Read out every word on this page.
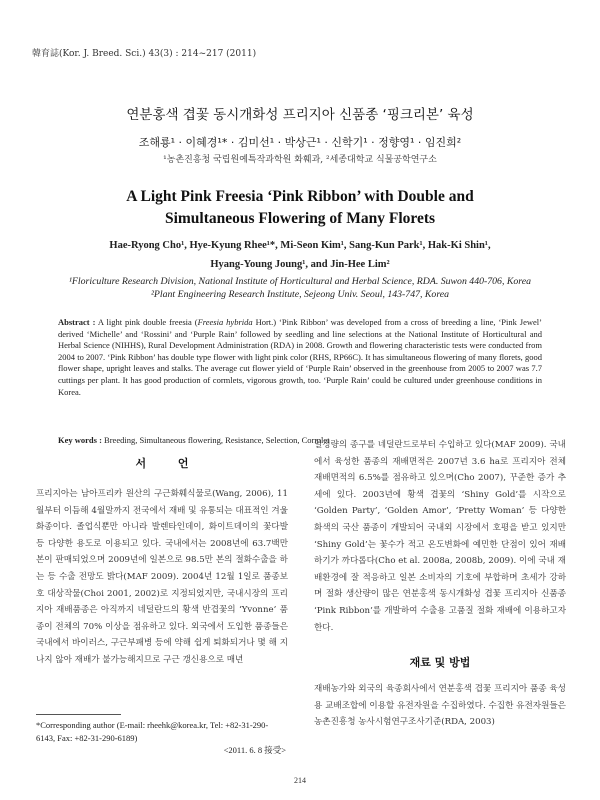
韓育誌(Kor. J. Breed. Sci.) 43(3) : 214~217 (2011)
연분홍색 겹꽃 동시개화성 프리지아 신품종 ‘핑크리본’ 육성
조해룡¹ · 이혜경¹* · 김미선¹ · 박상근¹ · 신학기¹ · 정향영¹ · 임진희²
¹농촌진흥청 국립원예특작과학원 화훼과, ²세종대학교 식물공학연구소
A Light Pink Freesia ‘Pink Ribbon’ with Double and
Simultaneous Flowering of Many Florets
Hae-Ryong Cho¹, Hye-Kyung Rhee¹*, Mi-Seon Kim¹, Sang-Kun Park¹, Hak-Ki Shin¹,
Hyang-Young Joung¹, and Jin-Hee Lim²
¹Floriculture Research Division, National Institute of Horticultural and Herbal Science, RDA. Suwon 440-706, Korea
²Plant Engineering Research Institute, Sejeong Univ. Seoul, 143-747, Korea
Abstract : A light pink double freesia (Freesia hybrida Hort.) ‘Pink Ribbon’ was developed from a cross of breeding a line, ‘Pink Jewel’ derived ‘Michelle’ and ‘Rossini’ and ‘Purple Rain’ followed by seedling and line selections at the National Institute of Horticultural and Herbal Science (NIHHS), Rural Development Administration (RDA) in 2008. Growth and flowering characteristic tests were conducted from 2004 to 2007. ‘Pink Ribbon’ has double type flower with light pink color (RHS, RP66C). It has simultaneous flowering of many florets, good flower shape, upright leaves and stalks. The average cut flower yield of ‘Purple Rain’ observed in the greenhouse from 2005 to 2007 was 7.7 cuttings per plant. It has good production of cormlets, vigorous growth, too. ‘Purple Rain’ could be cultured under greenhouse conditions in Korea.
Key words : Breeding, Simultaneous flowering, Resistance, Selection, Cormlet
서 언
프리지아는 남아프리카 원산의 구근화훼식물로(Wang, 2006), 11월부터 이듬해 4월말까지 전국에서 재배 및 유통되는 대표적인 겨울 화종이다. 졸업식뿐만 아니라 발렌타인데이, 화이트데이의 꽃다발 등 다양한 용도로 이용되고 있다. 국내에서는 2008년에 63.7백만 본이 판매되었으며 2009년에 일본으로 98.5만 본의 절화수출을 하는 등 수출 전망도 밝다(MAF 2009). 2004년 12월 1일로 품종보호 대상작물(Choi 2001, 2002)로 지정되었지만, 국내시장의 프리지아 재배품종은 아직까지 네덜란드의 황색 반겹꽃의 ‘Yvonne’ 품종이 전체의 70% 이상을 점유하고 있다. 외국에서 도입한 품종들은 국내에서 바이러스, 구근부패병 등에 약해 쉽게 퇴화되거나 몇 해 지나지 않아 재배가 불가능해지므로 구근 갱신용으로 매년
일정량의 종구를 네덜란드로부터 수입하고 있다(MAF 2009). 국내에서 육성한 품종의 재배면적은 2007년 3.6 ha로 프리지아 전체 재배면적의 6.5%를 점유하고 있으며(Cho 2007), 꾸준한 증가 추세에 있다. 2003년에 황색 겹꽃의 ‘Shiny Gold’를 시작으로 ‘Golden Party’, ‘Golden Amor’, ‘Pretty Woman’ 등 다양한 화색의 국산 품종이 개발되어 국내외 시장에서 호평을 받고 있지만 ‘Shiny Gold’는 꽃수가 적고 온도변화에 예민한 단점이 있어 재배하기가 까다롭다(Cho et al. 2008a, 2008b, 2009). 이에 국내 재배환경에 잘 적응하고 일본 소비자의 기호에 부합하며 초세가 강하며 절화 생산량이 많은 연분홍색 동시개화성 겹꽃 프리지아 신품종 ‘Pink Ribbon’를 개발하여 수출용 고품질 절화 재배에 이용하고자 한다.
재료 및 방법
재배농가와 외국의 육종회사에서 연분홍색 겹꽃 프리지아 품종 육성용 교배조합에 이용할 유전자원을 수집하였다. 수집한 유전자원들은 농촌진흥청 농사시험연구조사기준(RDA, 2003)
*Corresponding author (E-mail: rheehk@korea.kr, Tel: +82-31-290-6143, Fax: +82-31-290-6189)
<2011. 6. 8 接受>
214
